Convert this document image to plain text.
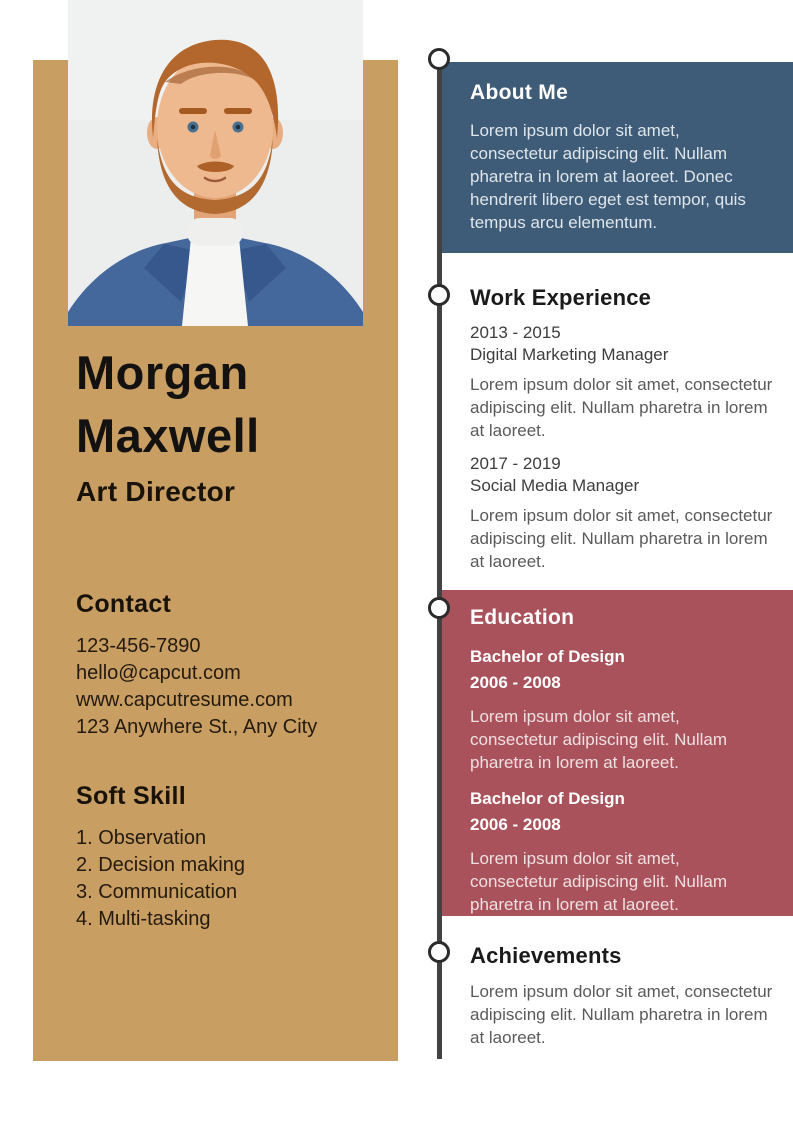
Morgan
Maxwell
Art Director
Contact
123-456-7890
hello@capcut.com
www.capcutresume.com
123 Anywhere St., Any City
Soft Skill
1. Observation
2. Decision making
3. Communication
4. Multi-tasking
About Me
Lorem ipsum dolor sit amet, consectetur adipiscing elit. Nullam pharetra in lorem at laoreet. Donec hendrerit libero eget est tempor, quis tempus arcu elementum.
Work Experience
2013 - 2015
Digital Marketing Manager
Lorem ipsum dolor sit amet, consectetur adipiscing elit. Nullam pharetra in lorem at laoreet.
2017 - 2019
Social Media Manager
Lorem ipsum dolor sit amet, consectetur adipiscing elit. Nullam pharetra in lorem at laoreet.
Education
Bachelor of Design
2006 - 2008
Lorem ipsum dolor sit amet, consectetur adipiscing elit. Nullam pharetra in lorem at laoreet.
Bachelor of Design
2006 - 2008
Lorem ipsum dolor sit amet, consectetur adipiscing elit. Nullam pharetra in lorem at laoreet.
Achievements
Lorem ipsum dolor sit amet, consectetur adipiscing elit. Nullam pharetra in lorem at laoreet.
